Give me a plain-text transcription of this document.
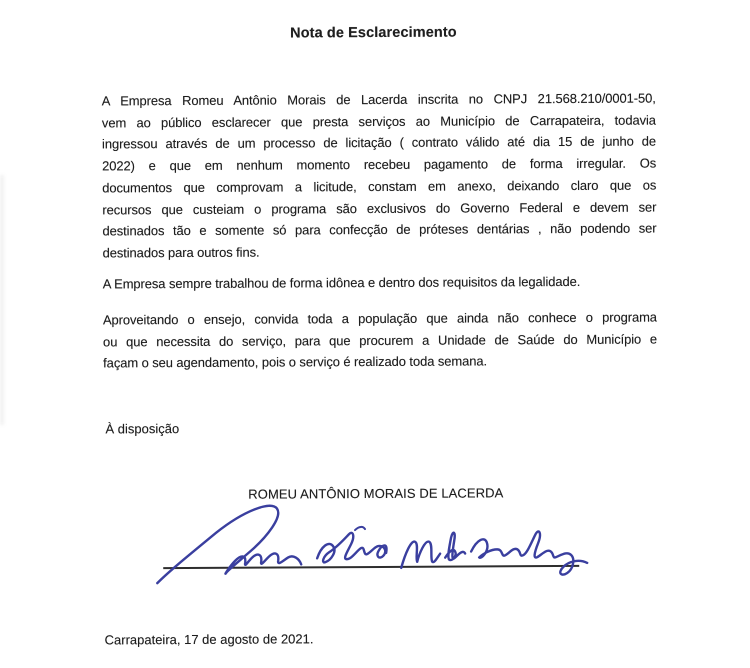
Nota de Esclarecimento
A Empresa Romeu Antônio Morais de Lacerda inscrita no CNPJ 21.568.210/0001-50,
vem ao público esclarecer que presta serviços ao Município de Carrapateira, todavia
ingressou através de um processo de licitação ( contrato válido até dia 15 de junho de
2022) e que em nenhum momento recebeu pagamento de forma irregular. Os
documentos que comprovam a licitude, constam em anexo, deixando claro que os
recursos que custeiam o programa são exclusivos do Governo Federal e devem ser
destinados tão e somente só para confecção de próteses dentárias , não podendo ser
destinados para outros fins.
A Empresa sempre trabalhou de forma idônea e dentro dos requisitos da legalidade.
Aproveitando o ensejo, convida toda a população que ainda não conhece o programa
ou que necessita do serviço, para que procurem a Unidade de Saúde do Município e
façam o seu agendamento, pois o serviço é realizado toda semana.
À disposição
ROMEU ANTÔNIO MORAIS DE LACERDA
Carrapateira, 17 de agosto de 2021.
